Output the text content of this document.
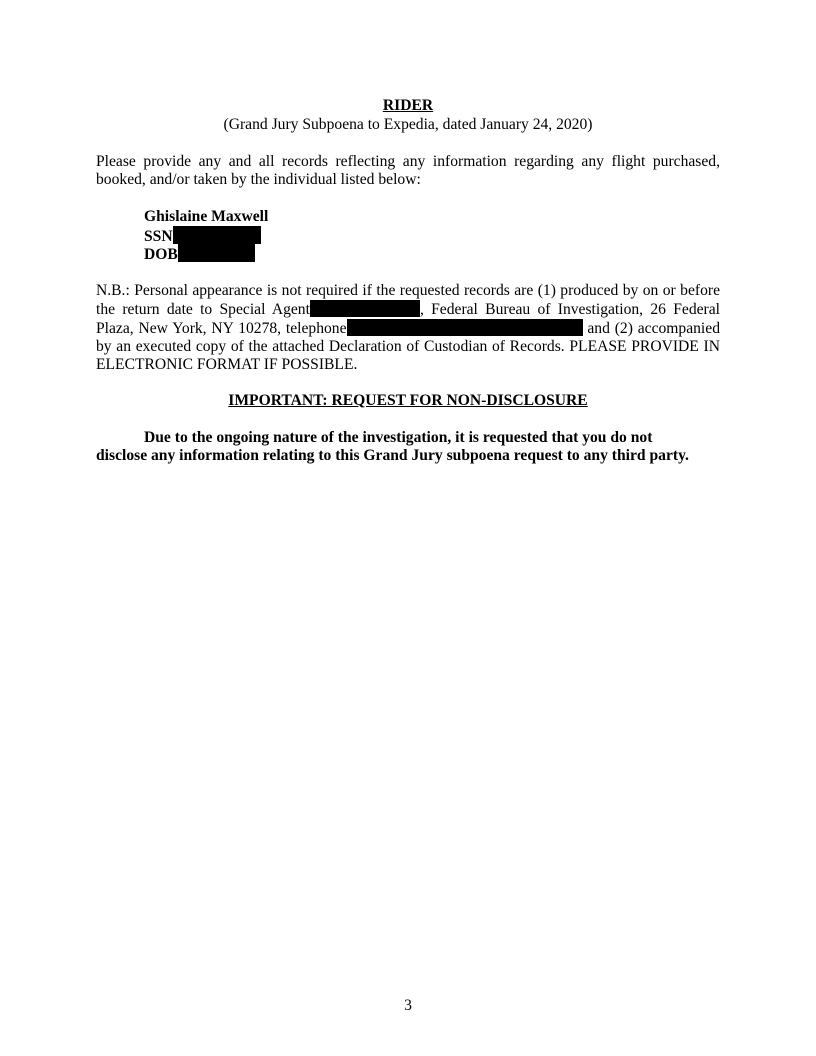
RIDER
(Grand Jury Subpoena to Expedia, dated January 24, 2020)
Please provide any and all records reflecting any information regarding any flight purchased, booked, and/or taken by the individual listed below:
Ghislaine Maxwell
SSN
DOB
N.B.: Personal appearance is not required if the requested records are (1) produced by on or before the return date to Special Agent	, Federal Bureau of Investigation, 26 Federal Plaza, New York, NY 10278, telephone	and (2) accompanied by an executed copy of the attached Declaration of Custodian of Records. PLEASE PROVIDE IN ELECTRONIC FORMAT IF POSSIBLE.
IMPORTANT: REQUEST FOR NON-DISCLOSURE
Due to the ongoing nature of the investigation, it is requested that you do not
disclose any information relating to this Grand Jury subpoena request to any third party.
3
